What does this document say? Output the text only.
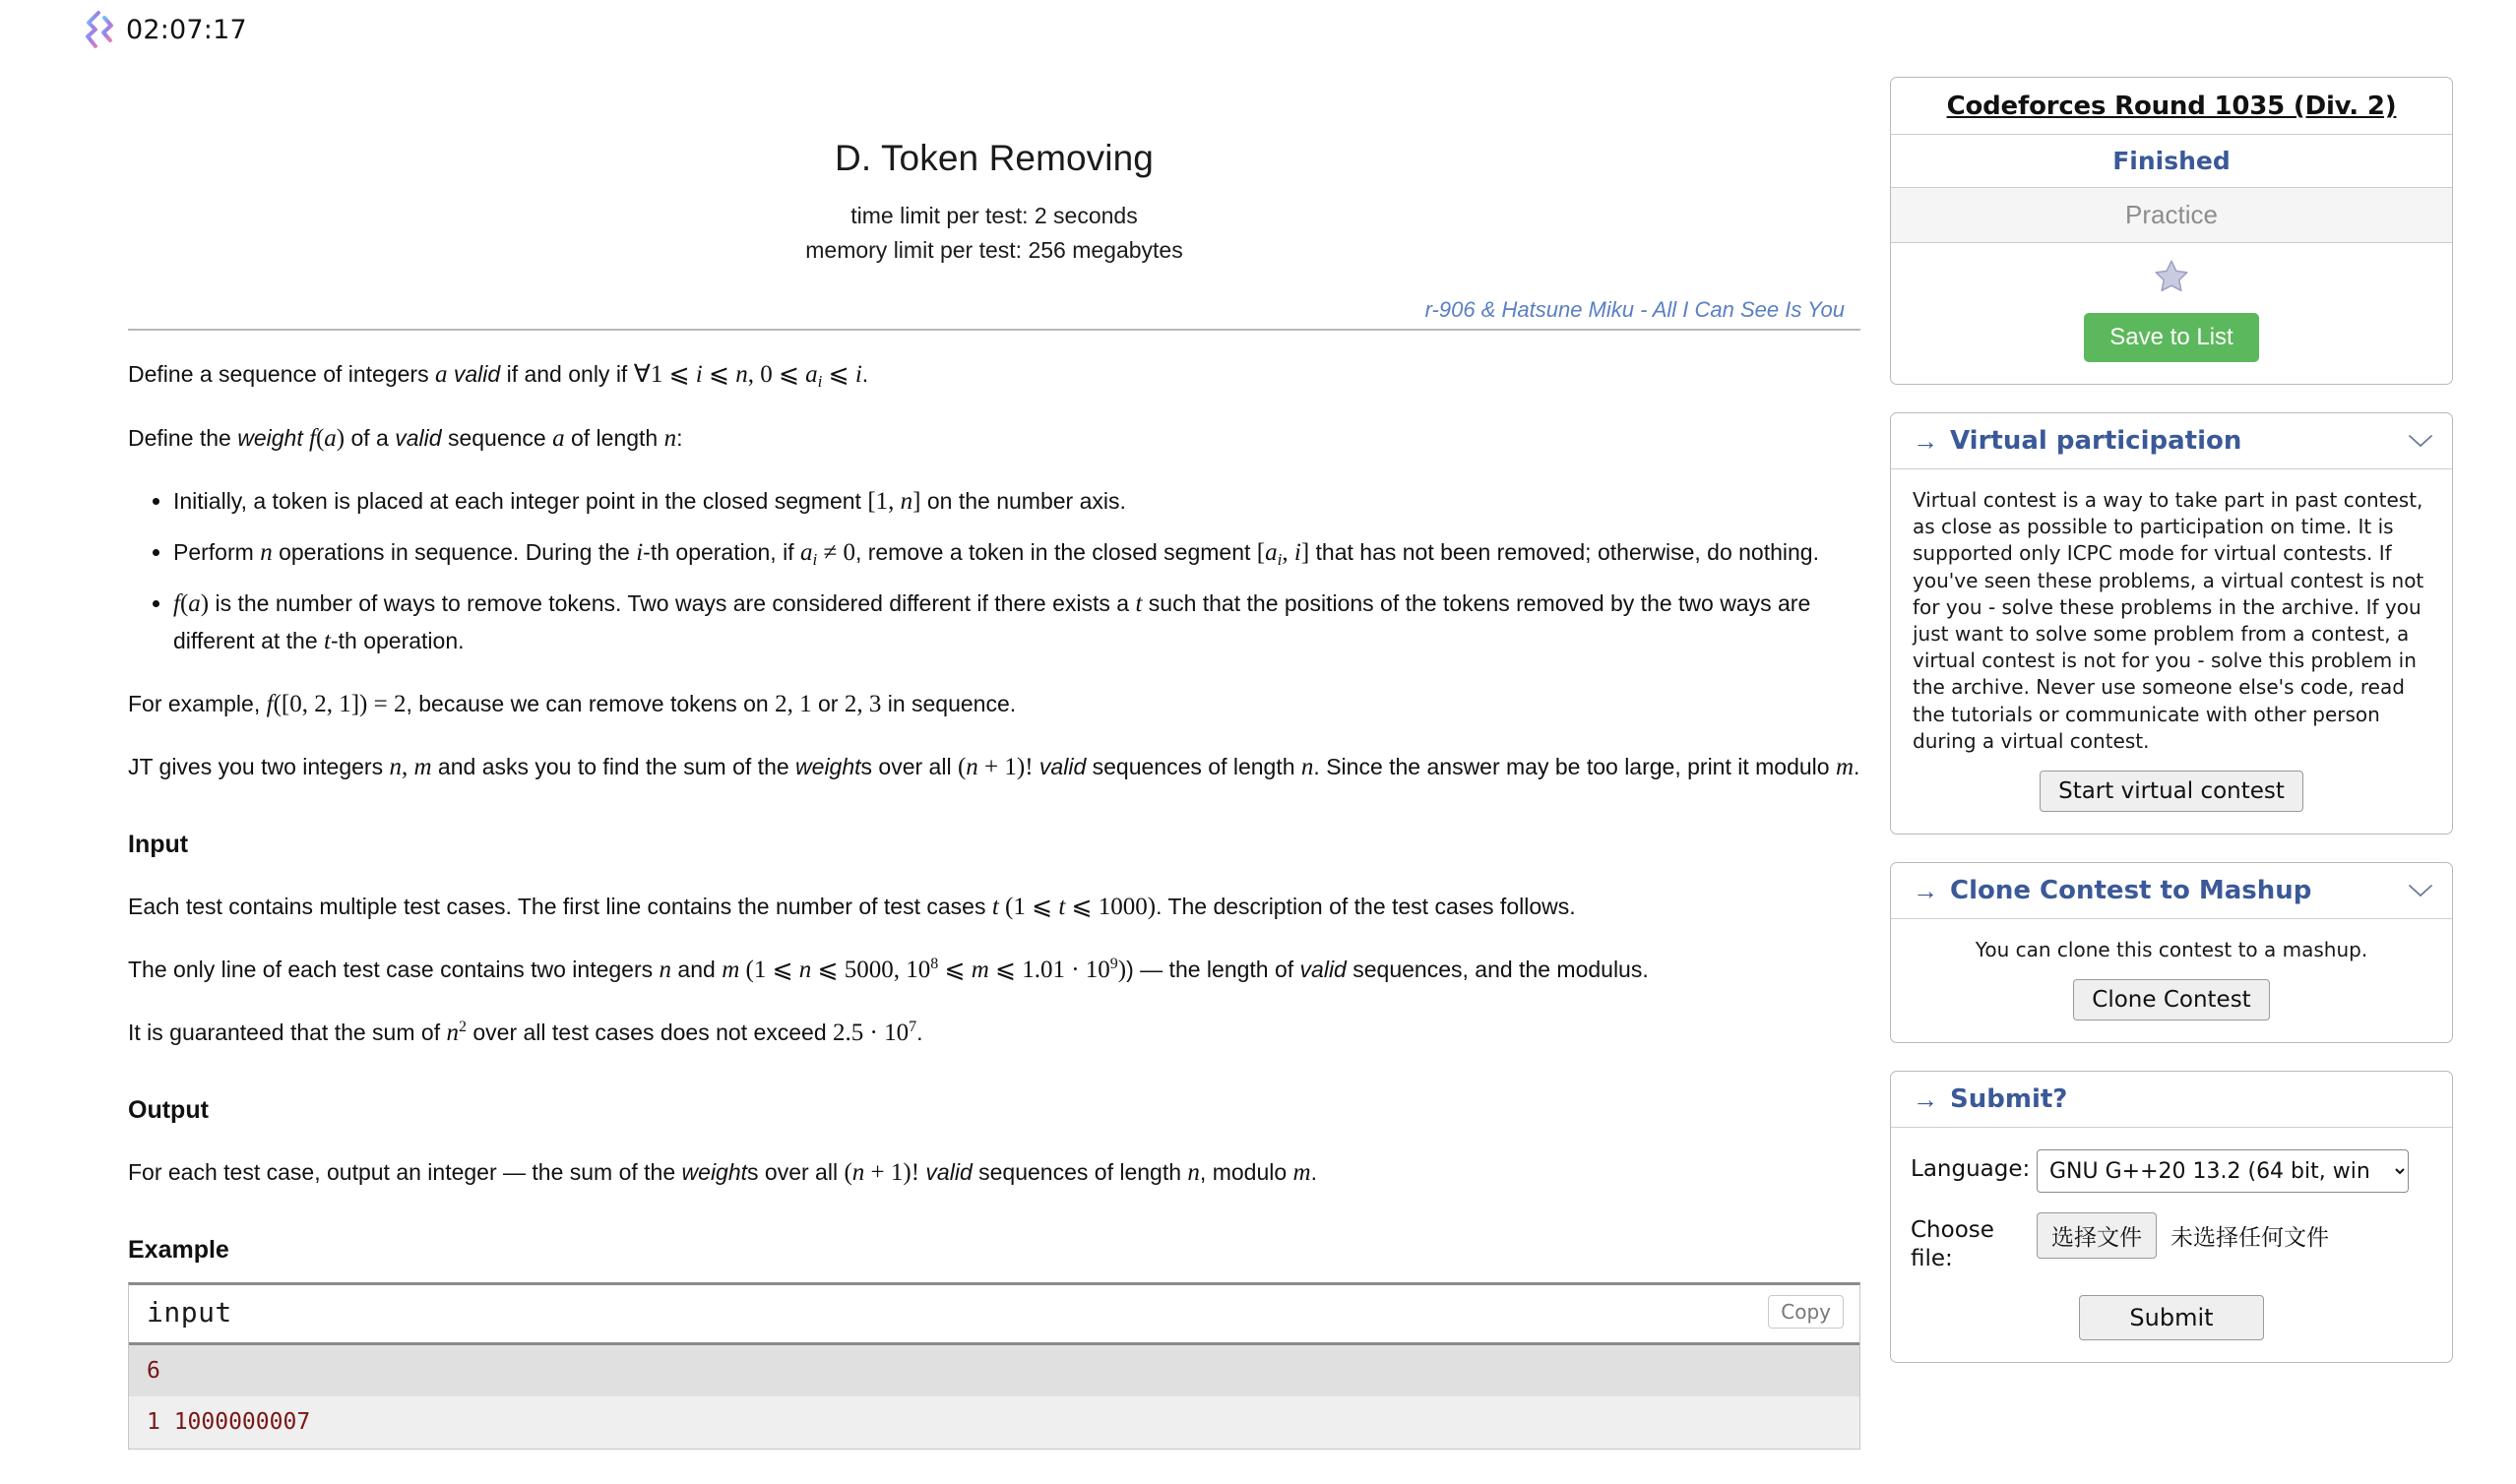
02:07:17
D. Token Removing
time limit per test: 2 seconds
memory limit per test: 256 megabytes
r-906 & Hatsune Miku - All I Can See Is You

Define a sequence of integers a valid if and only if ∀1 ⩽ i ⩽ n, 0 ⩽ $a_i$ ⩽ i.

Define the weight f(a) of a valid sequence a of length n:

• Initially, a token is placed at each integer point in the closed segment [1, n] on the number axis.
• Perform n operations in sequence. During the i-th operation, if $a_i \ne 0$, remove a token in the closed segment [$a_i$, i] that has not been removed; otherwise, do nothing.
• f(a) is the number of ways to remove tokens. Two ways are considered different if there exists a t such that the positions of the tokens removed by the two ways are different at the t-th operation.

For example, f([0, 2, 1]) = 2, because we can remove tokens on 2, 1 or 2, 3 in sequence.

JT gives you two integers n, m and asks you to find the sum of the weights over all (n + 1)! valid sequences of length n. Since the answer may be too large, print it modulo m.

Input

Each test contains multiple test cases. The first line contains the number of test cases t (1 ⩽ t ⩽ 1000). The description of the test cases follows.

The only line of each test case contains two integers n and m (1 ⩽ n ⩽ 5000, $10^8$ ⩽ m ⩽ $1.01 \cdot 10^9$)) — the length of valid sequences, and the modulus.

It is guaranteed that the sum of $n^2$ over all test cases does not exceed $2.5 \cdot 10^7$.

Output

For each test case, output an integer — the sum of the weights over all (n + 1)! valid sequences of length n, modulo m.

Example
input	Copy
6
1 1000000007
Codeforces Round 1035 (Div. 2)
Finished
Practice
Save to List
→ Virtual participation

Virtual contest is a way to take part in past contest, as close as possible to participation on time. It is supported only ICPC mode for virtual contests. If you've seen these problems, a virtual contest is not for you - solve these problems in the archive. If you just want to solve some problem from a contest, a virtual contest is not for you - solve this problem in the archive. Never use someone else's code, read the tutorials or communicate with other person during a virtual contest.

Start virtual contest
→ Clone Contest to Mashup

You can clone this contest to a mashup.

Clone Contest
→ Submit?
Language:
GNU G++20 13.2 (64 bit, win
Choose file:
选择文件	未选择任何文件
Submit
